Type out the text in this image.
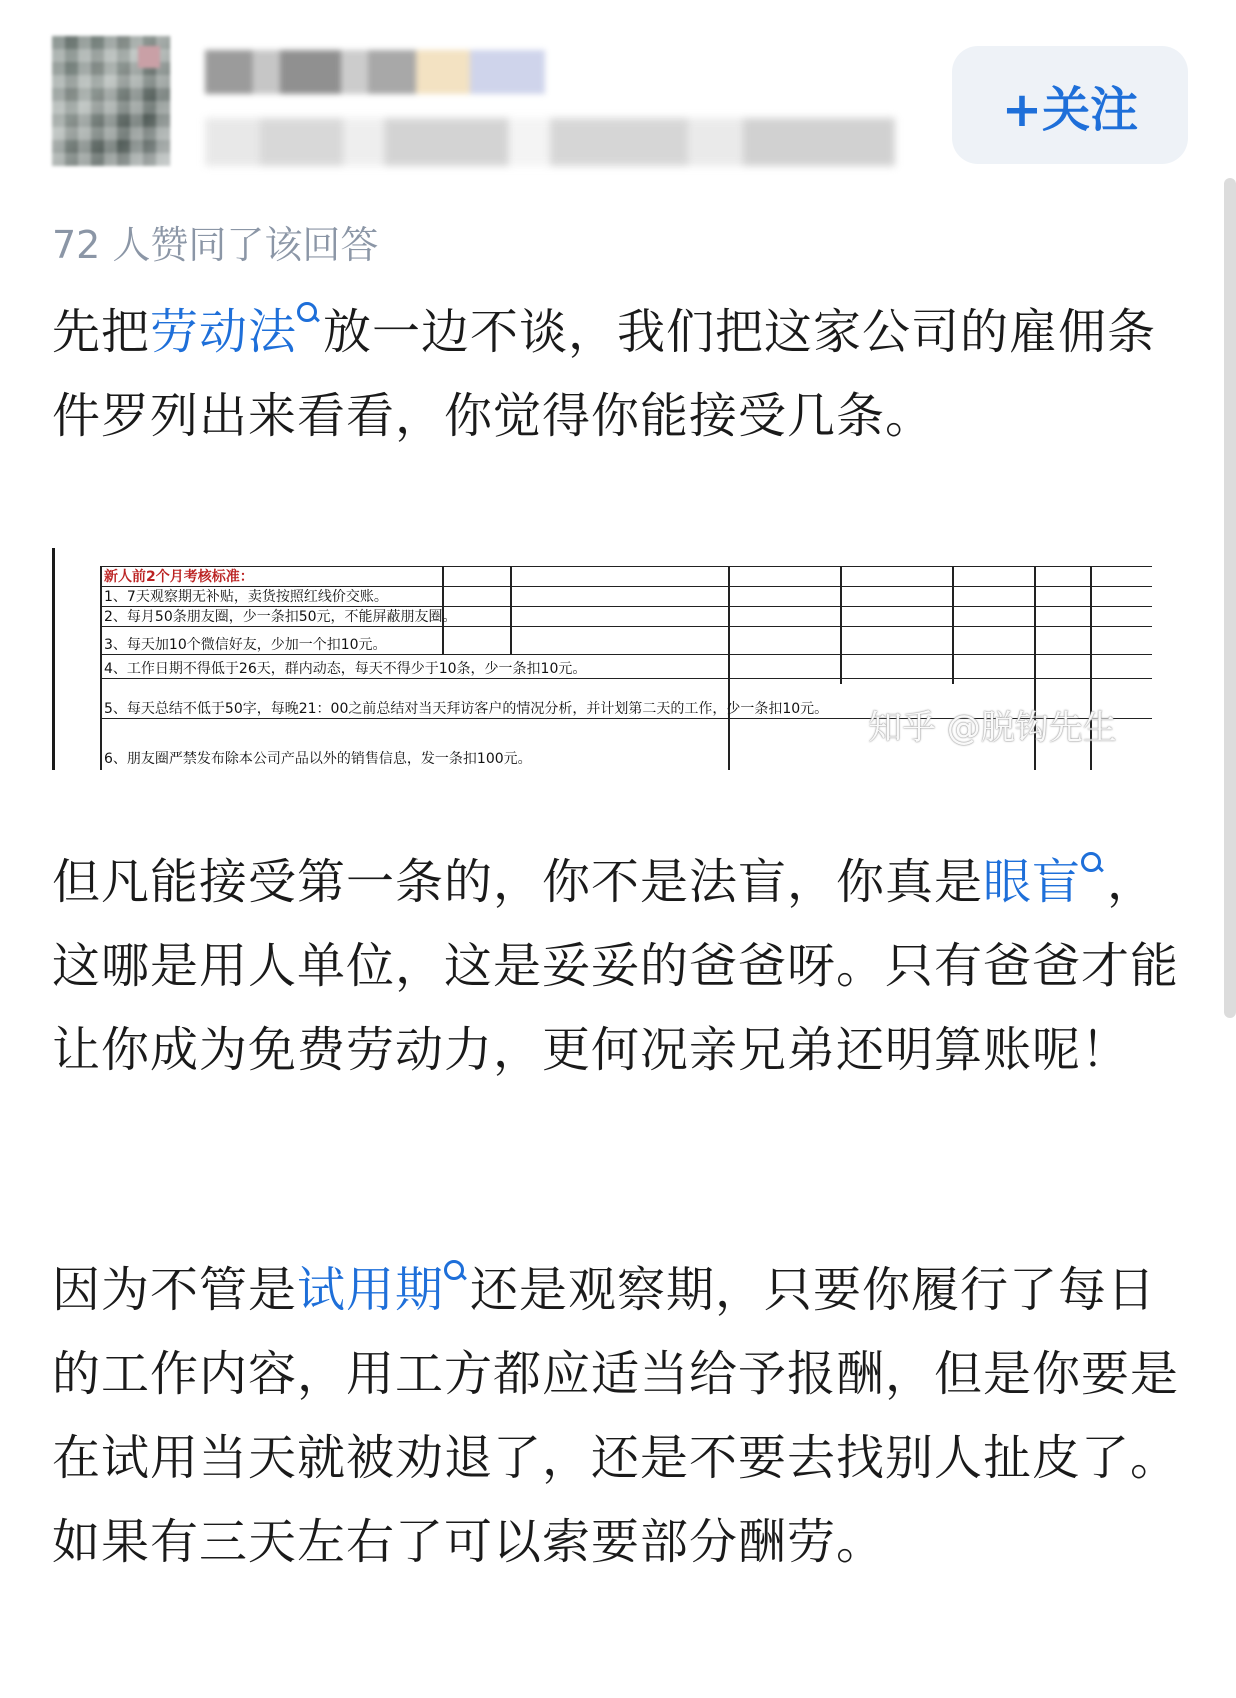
+关注
72 人赞同了该回答
先把劳动法 放一边不谈，我们把这家公司的雇佣条件罗列出来看看，你觉得你能接受几条。
新人前2个月考核标准：
1、7天观察期无补贴，卖货按照红线价交账。
2、每月50条朋友圈，少一条扣50元，不能屏蔽朋友圈。
3、每天加10个微信好友，少加一个扣10元。
4、工作日期不得低于26天，群内动态，每天不得少于10条，少一条扣10元。
5、每天总结不低于50字，每晚21：00之前总结对当天拜访客户的情况分析，并计划第二天的工作，少一条扣10元。
6、朋友圈严禁发布除本公司产品以外的销售信息，发一条扣100元。
知乎 @脱钩先生
但凡能接受第一条的，你不是法盲，你真是眼盲 ，这哪是用人单位，这是妥妥的爸爸呀。只有爸爸才能让你成为免费劳动力，更何况亲兄弟还明算账呢！
因为不管是试用期 还是观察期，只要你履行了每日的工作内容，用工方都应适当给予报酬，但是你要是在试用当天就被劝退了，还是不要去找别人扯皮了。如果有三天左右了可以索要部分酬劳。
